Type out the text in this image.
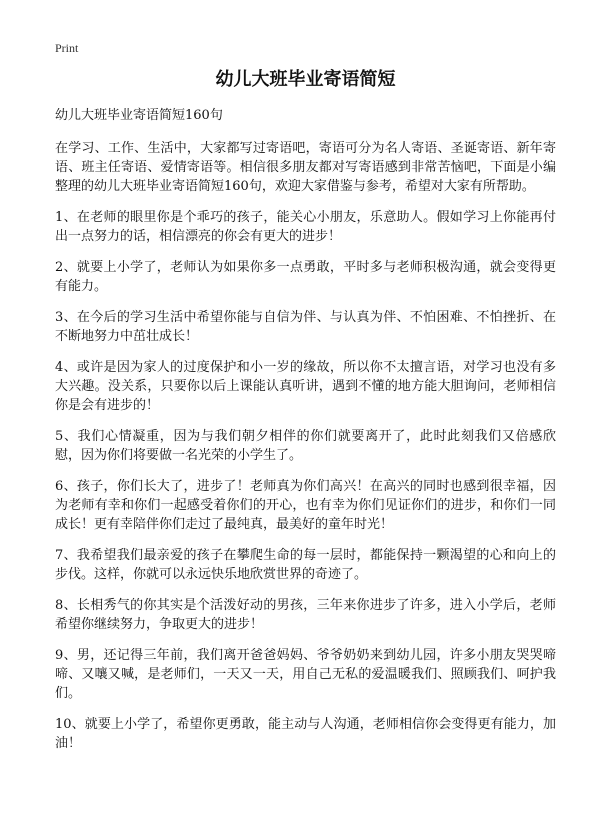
Print
幼儿大班毕业寄语简短

幼儿大班毕业寄语简短160句

在学习、工作、生活中，大家都写过寄语吧，寄语可分为名人寄语、圣诞寄语、新年寄语、班主任寄语、爱情寄语等。相信很多朋友都对写寄语感到非常苦恼吧，下面是小编整理的幼儿大班毕业寄语简短160句，欢迎大家借鉴与参考，希望对大家有所帮助。

1、在老师的眼里你是个乖巧的孩子，能关心小朋友，乐意助人。假如学习上你能再付出一点努力的话，相信漂亮的你会有更大的进步！

2、就要上小学了，老师认为如果你多一点勇敢，平时多与老师积极沟通，就会变得更有能力。

3、在今后的学习生活中希望你能与自信为伴、与认真为伴、不怕困难、不怕挫折、在不断地努力中茁壮成长！

4、或许是因为家人的过度保护和小一岁的缘故，所以你不太擅言语，对学习也没有多大兴趣。没关系，只要你以后上课能认真听讲，遇到不懂的地方能大胆询问，老师相信你是会有进步的！

5、我们心情凝重，因为与我们朝夕相伴的你们就要离开了，此时此刻我们又倍感欣慰，因为你们将要做一名光荣的小学生了。

6、孩子，你们长大了，进步了！老师真为你们高兴！在高兴的同时也感到很幸福，因为老师有幸和你们一起感受着你们的开心，也有幸为你们见证你们的进步，和你们一同成长！更有幸陪伴你们走过了最纯真，最美好的童年时光！

7、我希望我们最亲爱的孩子在攀爬生命的每一层时，都能保持一颗渴望的心和向上的步伐。这样，你就可以永远快乐地欣赏世界的奇迹了。

8、长相秀气的你其实是个活泼好动的男孩，三年来你进步了许多，进入小学后，老师希望你继续努力，争取更大的进步！

9、男，还记得三年前，我们离开爸爸妈妈、爷爷奶奶来到幼儿园，许多小朋友哭哭啼啼、又嚷又喊，是老师们，一天又一天，用自己无私的爱温暖我们、照顾我们、呵护我们。

10、就要上小学了，希望你更勇敢，能主动与人沟通，老师相信你会变得更有能力，加油！
